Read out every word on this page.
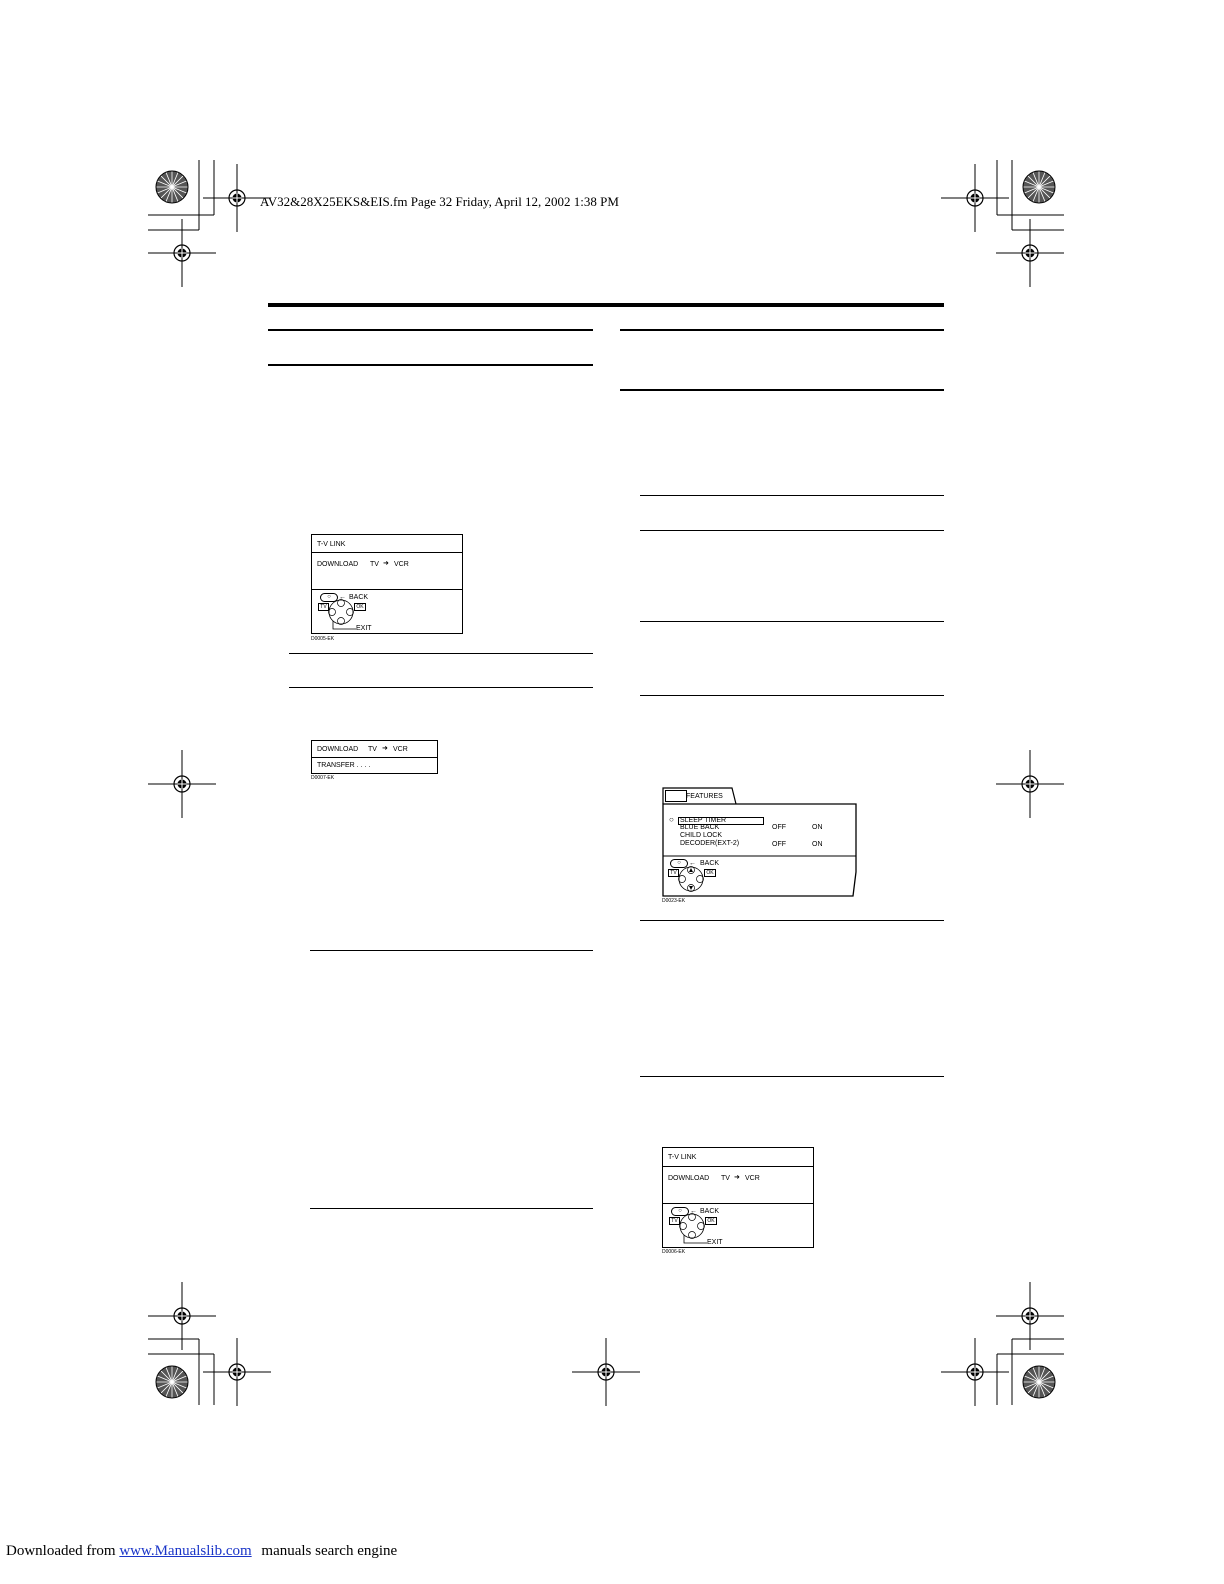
AV32&28X25EKS&EIS.fm Page 32 Friday, April 12, 2002 1:38 PM
T-V LINK
DOWNLOAD TV ➜ VCR
○	← BACK
TV	OK
EXIT
D0005-EK
DOWNLOAD TV ➜ VCR
TRANSFER . . . .
D0007-EK
FEATURES
○ SLEEP TIMER
BLUE BACK	OFF	ON
CHILD LOCK
DECODER(EXT-2)	OFF	ON
○	← BACK
TV	OK
D0023-EK
T-V LINK
DOWNLOAD TV ➜ VCR
○	← BACK
TV	OK
EXIT
D0006-EK
Downloaded from www.Manualslib.com manuals search engine
